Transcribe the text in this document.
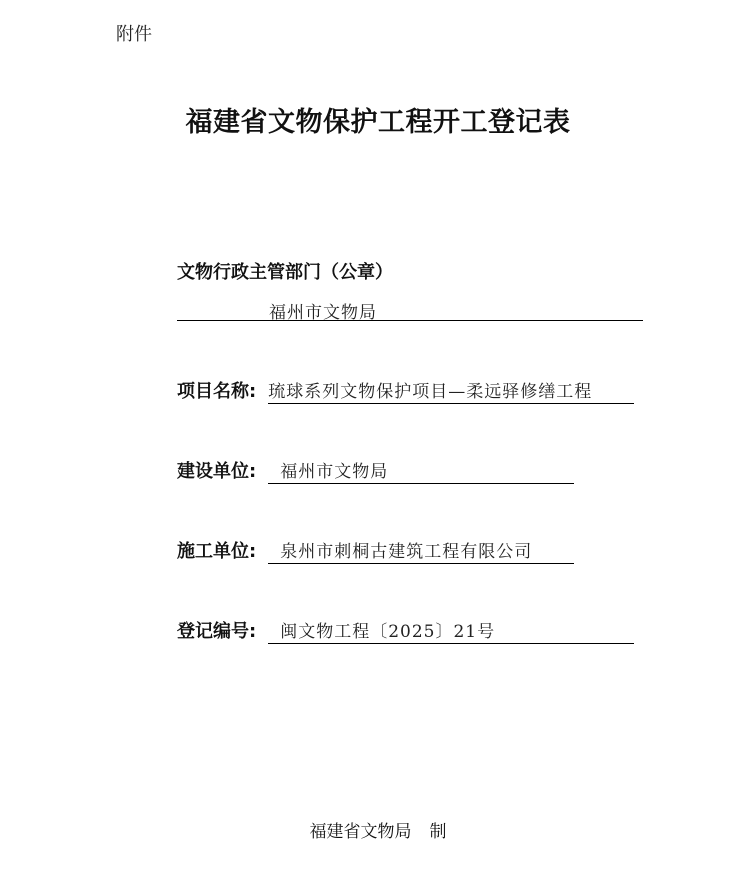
附件
福建省文物保护工程开工登记表
文物行政主管部门（公章）
福州市文物局
项目名称: 琉球系列文物保护项目—柔远驿修缮工程
建设单位: 福州市文物局
施工单位: 泉州市刺桐古建筑工程有限公司
登记编号: 闽文物工程〔2025〕21号
福建省文物局 制
